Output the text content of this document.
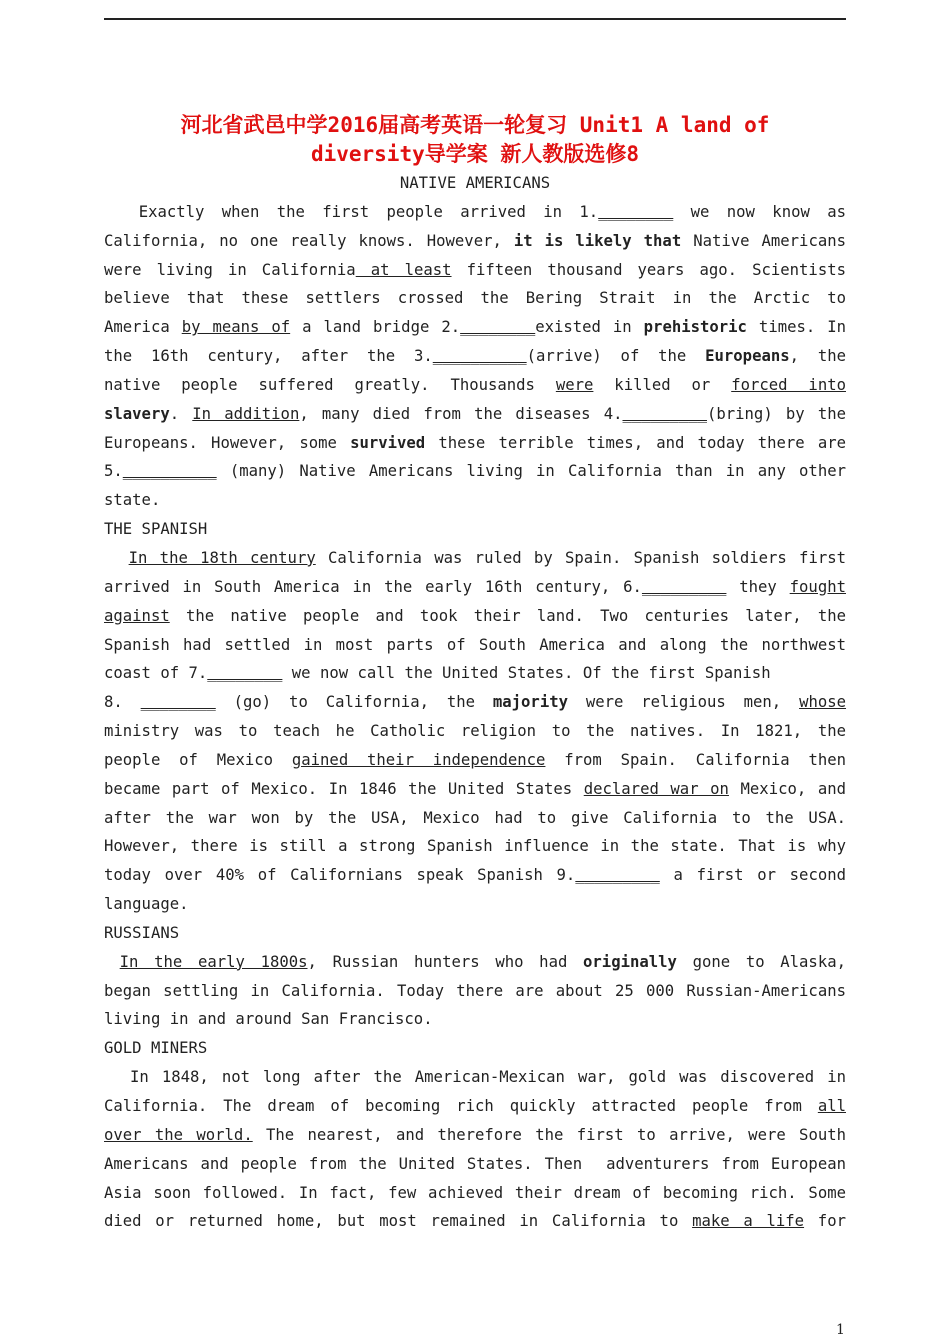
河北省武邑中学2016届高考英语一轮复习 Unit1 A land of
diversity导学案 新人教版选修8
NATIVE AMERICANS
Exactly when the first people arrived in 1.________ we now know as
California, no one really knows. However, it is likely that Native Americans
were living in California at least fifteen thousand years ago. Scientists
believe that these settlers crossed the Bering Strait in the Arctic to
America by means of a land bridge 2.________existed in prehistoric times. In
the 16th century, after the 3.__________(arrive) of the Europeans, the
native people suffered greatly. Thousands were killed or forced into
slavery. In addition, many died from the diseases 4._________(bring) by the
Europeans. However, some survived these terrible times, and today there are
5.__________ (many) Native Americans living in California than in any other
state.
THE SPANISH
In the 18th century California was ruled by Spain. Spanish soldiers first
arrived in South America in the early 16th century, 6._________ they fought
against the native people and took their land. Two centuries later, the
Spanish had settled in most parts of South America and along the northwest
coast of 7.________ we now call the United States. Of the first Spanish
8. ________ (go) to California, the majority were religious men, whose
ministry was to teach he Catholic religion to the natives. In 1821, the
people of Mexico gained their independence from Spain. California then
became part of Mexico. In 1846 the United States declared war on Mexico, and
after the war won by the USA, Mexico had to give California to the USA.
However, there is still a strong Spanish influence in the state. That is why
today over 40% of Californians speak Spanish 9._________ a first or second
language.
RUSSIANS
In the early 1800s, Russian hunters who had originally gone to Alaska,
began settling in California. Today there are about 25 000 Russian-Americans
living in and around San Francisco.
GOLD MINERS
In 1848, not long after the American-Mexican war, gold was discovered in
California. The dream of becoming rich quickly attracted people from all
over the world. The nearest, and therefore the first to arrive, were South
Americans and people from the United States. Then  adventurers from European
Asia soon followed. In fact, few achieved their dream of becoming rich. Some
died or returned home, but most remained in California to make a life for
1
